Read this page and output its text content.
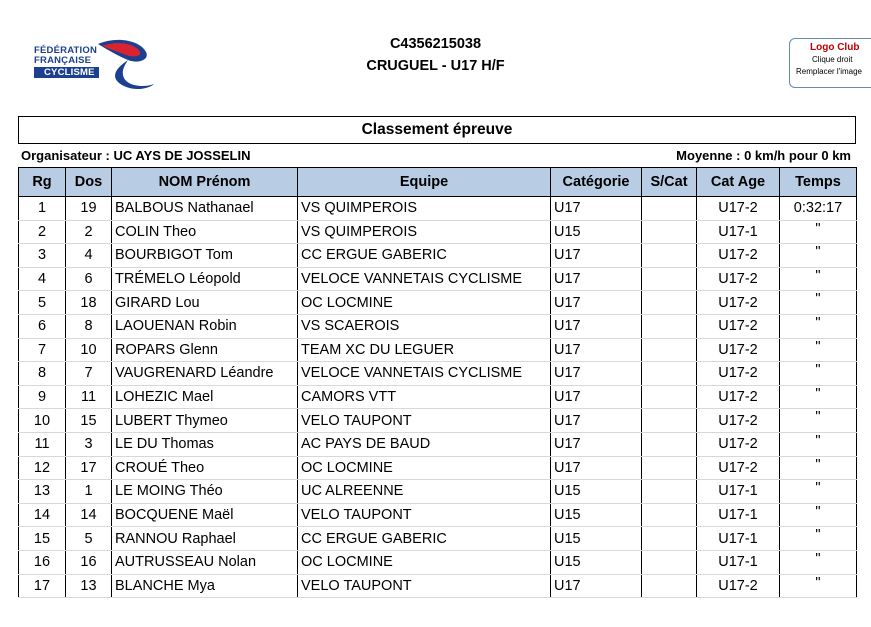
FÉDÉRATION
FRANÇAISE
CYCLISME
C4356215038
CRUGUEL - U17 H/F
Logo Club
Clique droit
Remplacer l'image
Classement épreuve
Organisateur : UC AYS DE JOSSELIN	Moyenne : 0 km/h pour 0 km
Rg	Dos	NOM Prénom	Equipe	Catégorie	S/Cat	Cat Age	Temps
1	19	BALBOUS Nathanael	VS QUIMPEROIS	U17		U17-2	0:32:17
2	2	COLIN Theo	VS QUIMPEROIS	U15		U17-1	"
3	4	BOURBIGOT Tom	CC ERGUE GABERIC	U17		U17-2	"
4	6	TRÉMELO Léopold	VELOCE VANNETAIS CYCLISME	U17		U17-2	"
5	18	GIRARD Lou	OC LOCMINE	U17		U17-2	"
6	8	LAOUENAN Robin	VS SCAEROIS	U17		U17-2	"
7	10	ROPARS Glenn	TEAM XC DU LEGUER	U17		U17-2	"
8	7	VAUGRENARD Léandre	VELOCE VANNETAIS CYCLISME	U17		U17-2	"
9	11	LOHEZIC Mael	CAMORS VTT	U17		U17-2	"
10	15	LUBERT Thymeo	VELO TAUPONT	U17		U17-2	"
11	3	LE DU Thomas	AC PAYS DE BAUD	U17		U17-2	"
12	17	CROUÉ Theo	OC LOCMINE	U17		U17-2	"
13	1	LE MOING Théo	UC ALREENNE	U15		U17-1	"
14	14	BOCQUENE Maël	VELO TAUPONT	U15		U17-1	"
15	5	RANNOU Raphael	CC ERGUE GABERIC	U15		U17-1	"
16	16	AUTRUSSEAU Nolan	OC LOCMINE	U15		U17-1	"
17	13	BLANCHE Mya	VELO TAUPONT	U17		U17-2	"
